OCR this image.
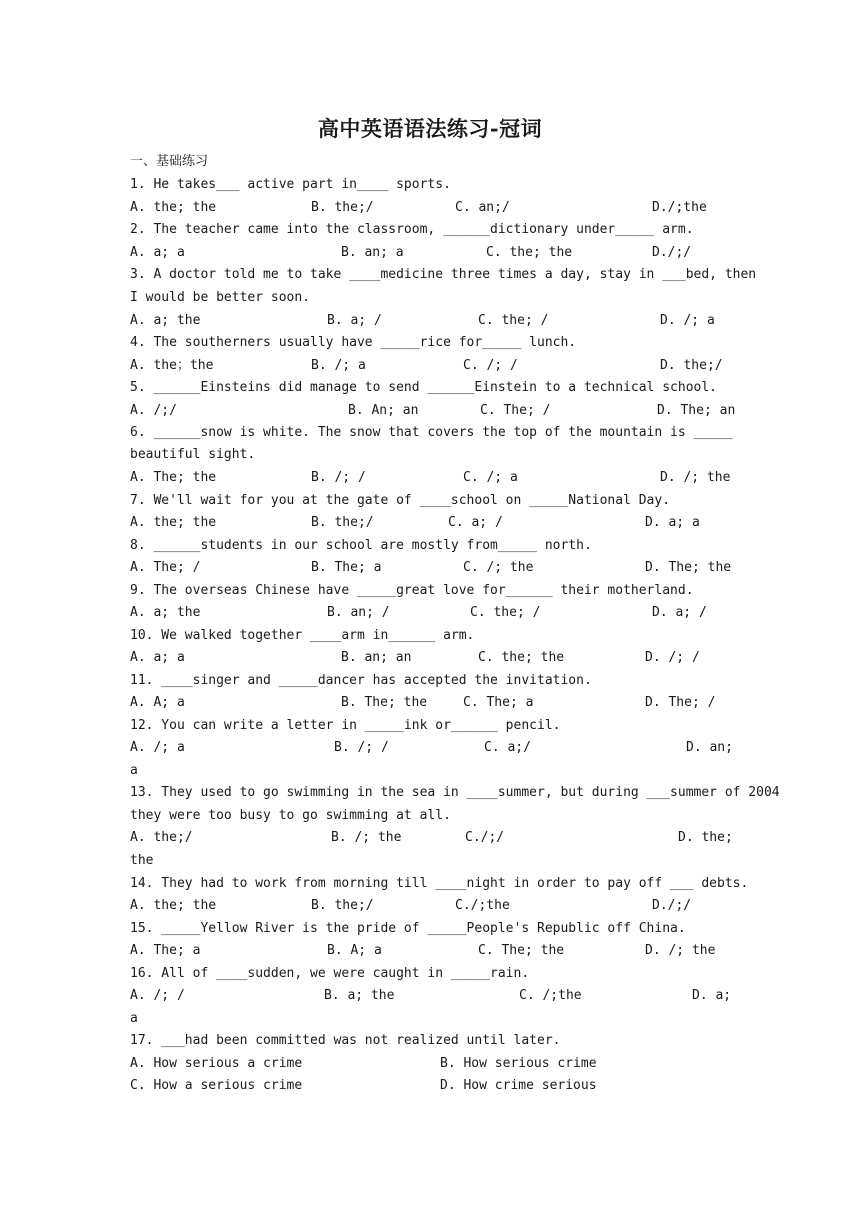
高中英语语法练习-冠词
一、基础练习
1. He takes___ active part in____ sports.
A. the; the	B. the;/	C. an;/	D./;the
2. The teacher came into the classroom, ______dictionary under_____ arm.
A. a; a	B. an; a	C. the; the	D./;/
3. A doctor told me to take ____medicine three times a day, stay in ___bed, then
I would be better soon.
A. a; the	B. a; /	C. the; /	D. /; a
4. The southerners usually have _____rice for_____ lunch.
A. the；the	B. /; a	C. /; /	D. the;/
5. ______Einsteins did manage to send ______Einstein to a technical school.
A. /;/	B. An; an	C. The; /	D. The; an
6. ______snow is white. The snow that covers the top of the mountain is _____
beautiful sight.
A. The; the	B. /; /	C. /; a	D. /; the
7. We'll wait for you at the gate of ____school on _____National Day.
A. the; the	B. the;/	C. a; /	D. a; a
8. ______students in our school are mostly from_____ north.
A. The; /	B. The; a	C. /; the	D. The; the
9. The overseas Chinese have _____great love for______ their motherland.
A. a; the	B. an; /	C. the; /	D. a; /
10. We walked together ____arm in______ arm.
A. a; a	B. an; an	C. the; the	D. /; /
11. ____singer and _____dancer has accepted the invitation.
A. A; a	B. The; the	C. The; a	D. The; /
12. You can write a letter in _____ink or______ pencil.
A. /; a	B. /; /	C. a;/	D. an;
a
13. They used to go swimming in the sea in ____summer, but during ___summer of 2004
they were too busy to go swimming at all.
A. the;/	B. /; the	C./;/	D. the;
the
14. They had to work from morning till ____night in order to pay off ___ debts.
A. the; the	B. the;/	C./;the	D./;/
15. _____Yellow River is the pride of _____People's Republic off China.
A. The; a	B. A; a	C. The; the	D. /; the
16. All of ____sudden, we were caught in _____rain.
A. /; /	B. a; the	C. /;the	D. a;
a
17. ___had been committed was not realized until later.
A. How serious a crime	B. How serious crime
C. How a serious crime	D. How crime serious
